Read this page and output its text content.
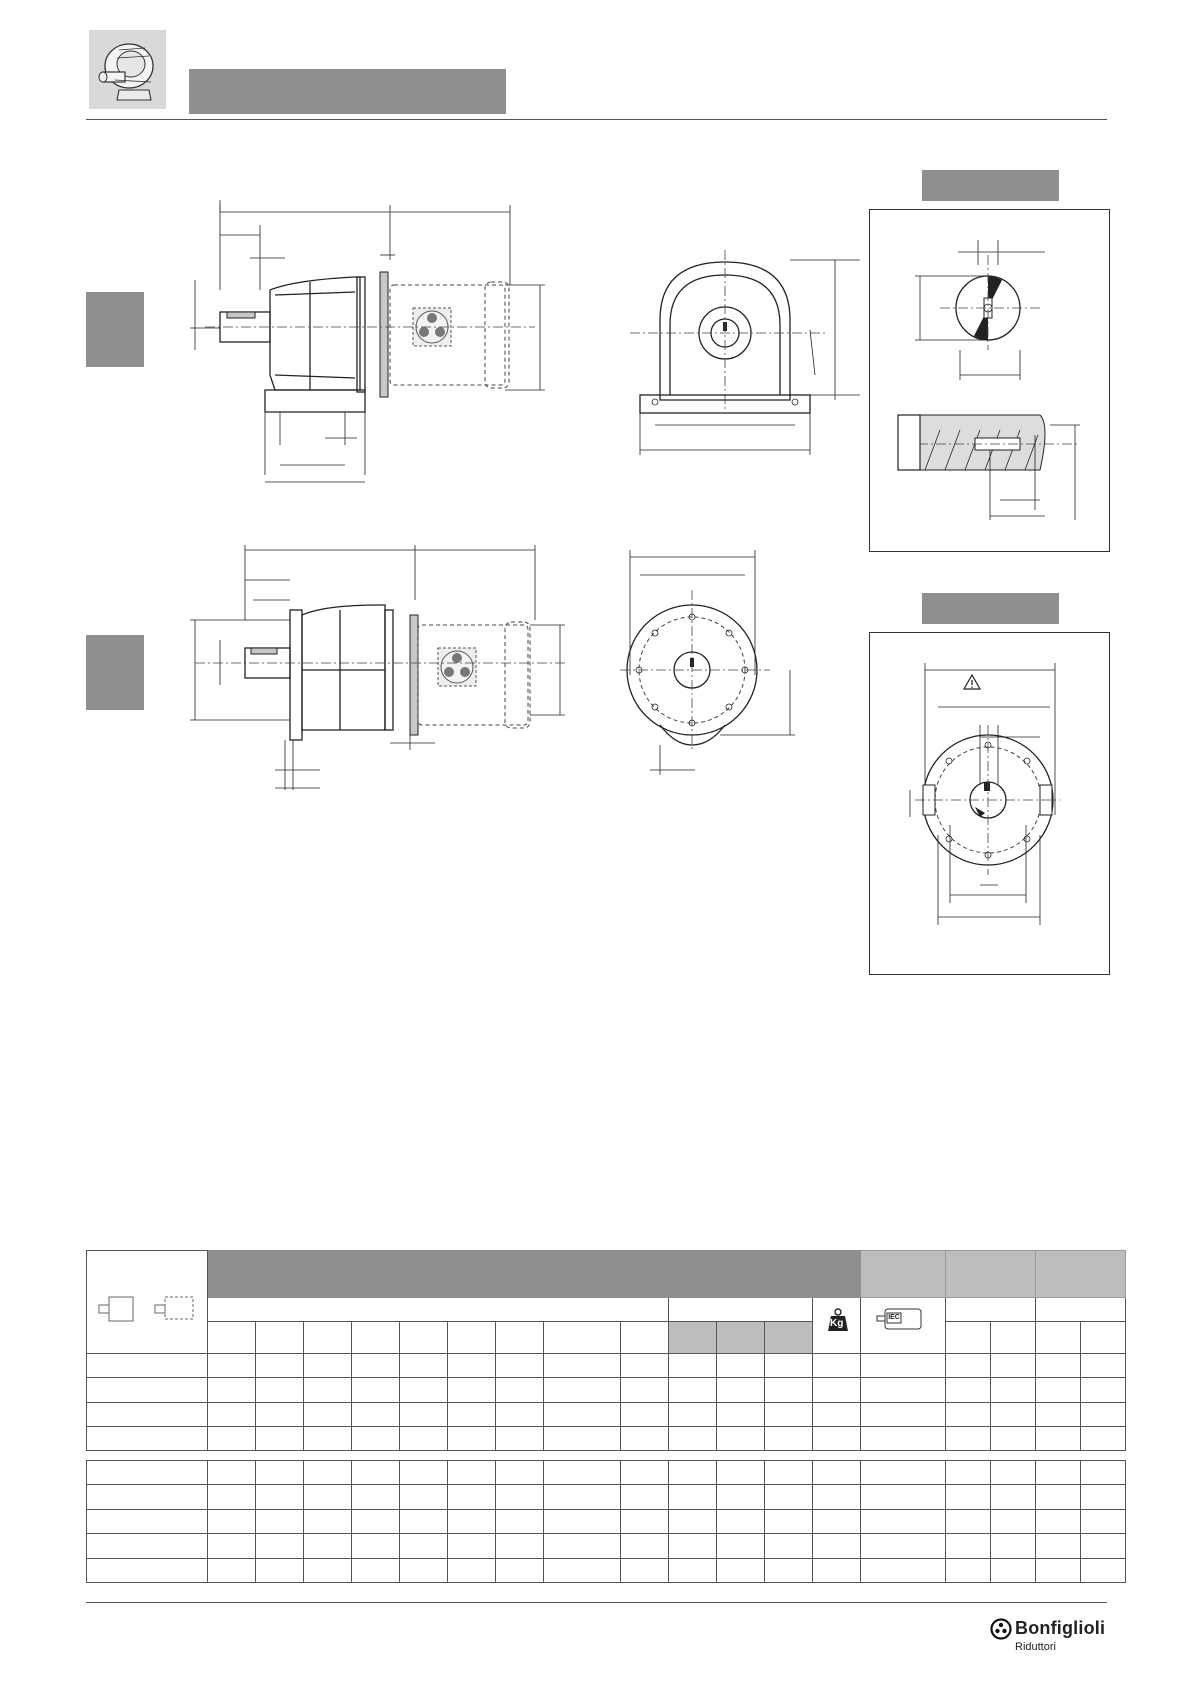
													Kg	IEC				

Bonfiglioli
Riduttori
